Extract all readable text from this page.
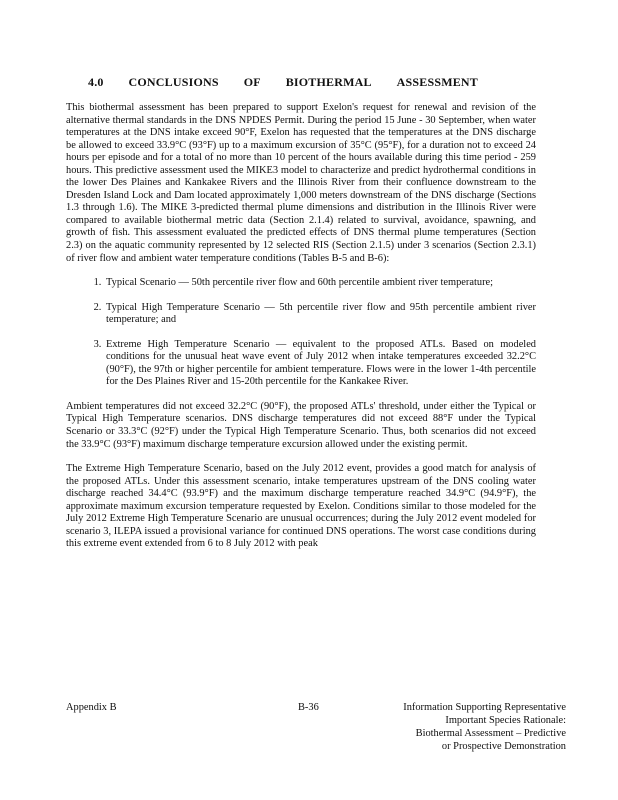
4.0 CONCLUSIONS OF BIOTHERMAL ASSESSMENT

This biothermal assessment has been prepared to support Exelon's request for renewal and revision of the alternative thermal standards in the DNS NPDES Permit. During the period 15 June - 30 September, when water temperatures at the DNS intake exceed 90°F, Exelon has requested that the temperatures at the DNS discharge be allowed to exceed 33.9°C (93°F) up to a maximum excursion of 35°C (95°F), for a duration not to exceed 24 hours per episode and for a total of no more than 10 percent of the hours available during this time period - 259 hours. This predictive assessment used the MIKE3 model to characterize and predict hydrothermal conditions in the lower Des Plaines and Kankakee Rivers and the Illinois River from their confluence downstream to the Dresden Island Lock and Dam located approximately 1,000 meters downstream of the DNS discharge (Sections 1.3 through 1.6). The MIKE 3-predicted thermal plume dimensions and distribution in the Illinois River were compared to available biothermal metric data (Section 2.1.4) related to survival, avoidance, spawning, and growth of fish. This assessment evaluated the predicted effects of DNS thermal plume temperatures (Section 2.3) on the aquatic community represented by 12 selected RIS (Section 2.1.5) under 3 scenarios (Section 2.3.1) of river flow and ambient water temperature conditions (Tables B-5 and B-6):

1. Typical Scenario — 50th percentile river flow and 60th percentile ambient river temperature;
2. Typical High Temperature Scenario — 5th percentile river flow and 95th percentile ambient river temperature; and
3. Extreme High Temperature Scenario — equivalent to the proposed ATLs. Based on modeled conditions for the unusual heat wave event of July 2012 when intake temperatures exceeded 32.2°C (90°F), the 97th or higher percentile for ambient temperature. Flows were in the lower 1-4th percentile for the Des Plaines River and 15-20th percentile for the Kankakee River.

Ambient temperatures did not exceed 32.2°C (90°F), the proposed ATLs' threshold, under either the Typical or Typical High Temperature scenarios. DNS discharge temperatures did not exceed 88°F under the Typical Scenario or 33.3°C (92°F) under the Typical High Temperature Scenario. Thus, both scenarios did not exceed the 33.9°C (93°F) maximum discharge temperature excursion allowed under the existing permit.

The Extreme High Temperature Scenario, based on the July 2012 event, provides a good match for analysis of the proposed ATLs. Under this assessment scenario, intake temperatures upstream of the DNS cooling water discharge reached 34.4°C (93.9°F) and the maximum discharge temperature reached 34.9°C (94.9°F), the approximate maximum excursion temperature requested by Exelon. Conditions similar to those modeled for the July 2012 Extreme High Temperature Scenario are unusual occurrences; during the July 2012 event modeled for scenario 3, ILEPA issued a provisional variance for continued DNS operations. The worst case conditions during this extreme event extended from 6 to 8 July 2012 with peak

Appendix B	B-36	Information Supporting Representative
Important Species Rationale:
Biothermal Assessment – Predictive
or Prospective Demonstration
